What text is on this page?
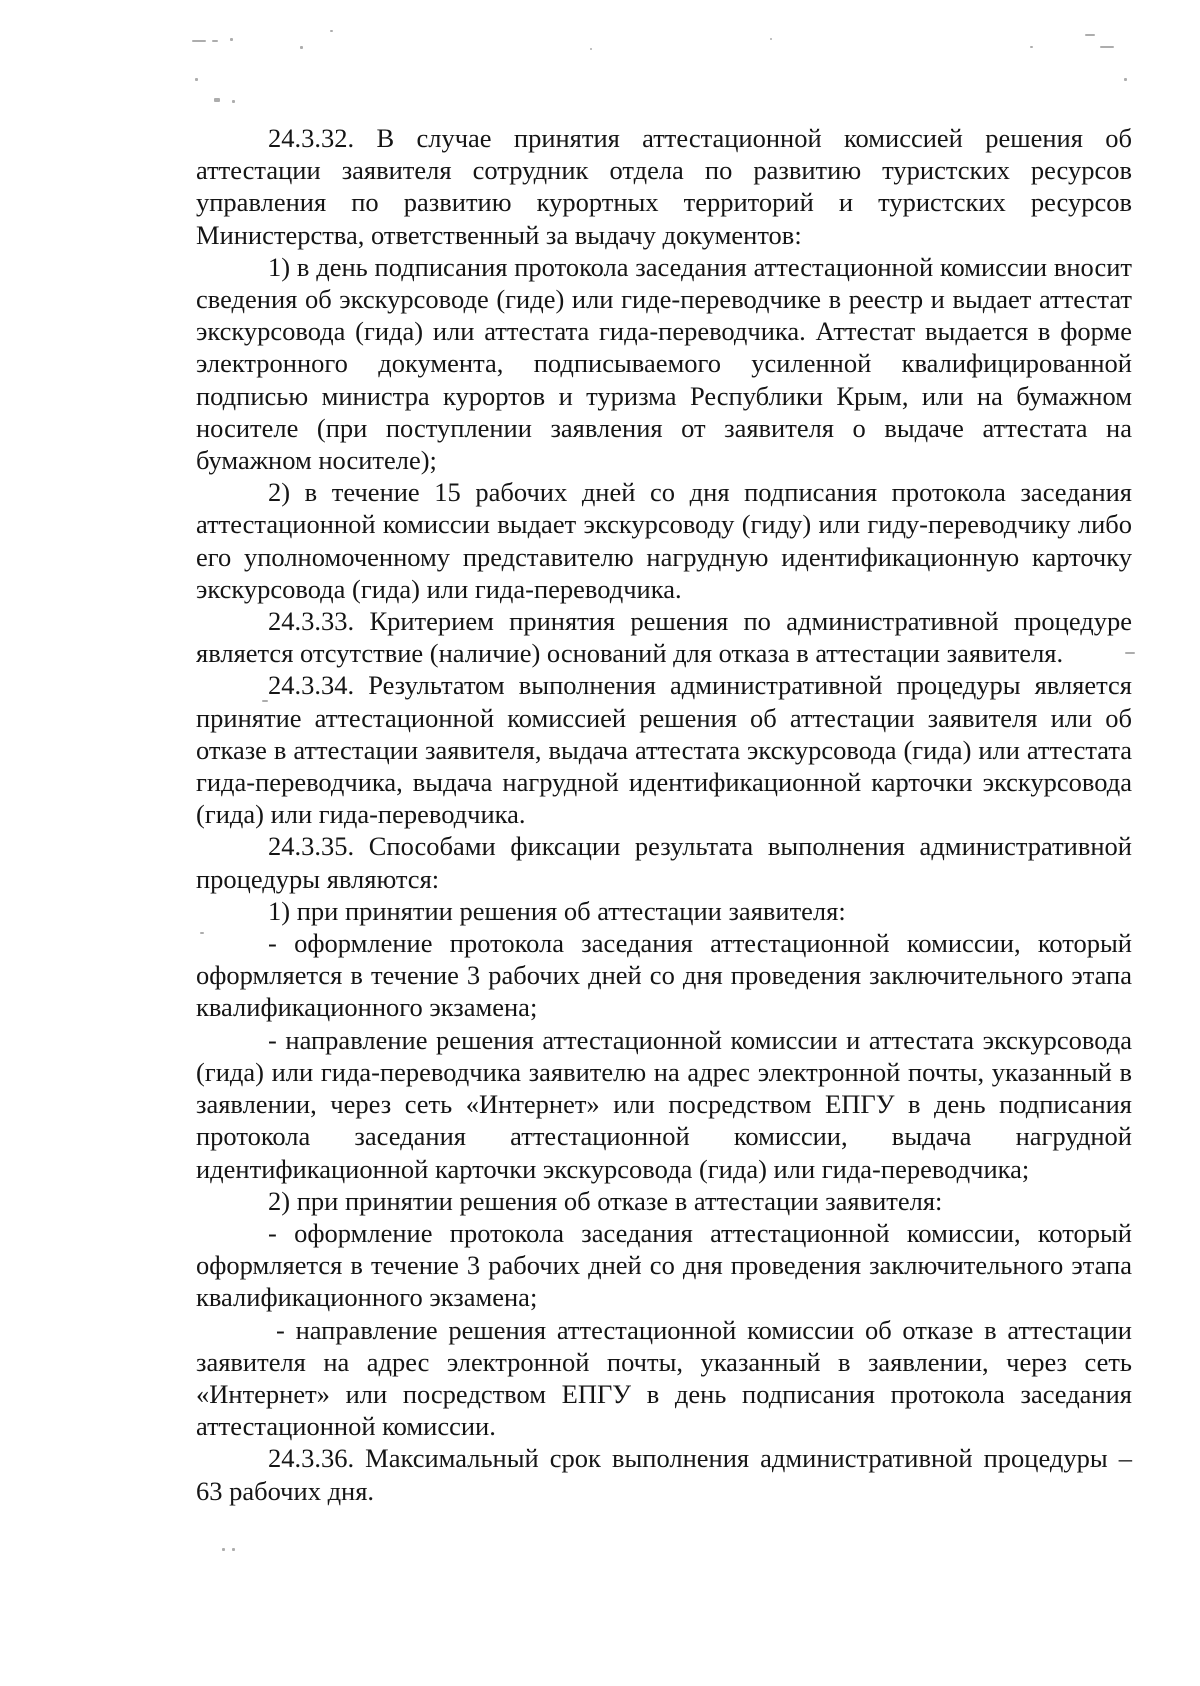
24.3.32. В случае принятия аттестационной комиссией решения об аттестации заявителя сотрудник отдела по развитию туристских ресурсов управления по развитию курортных территорий и туристских ресурсов Министерства, ответственный за выдачу документов:

1) в день подписания протокола заседания аттестационной комиссии вносит сведения об экскурсоводе (гиде) или гиде-переводчике в реестр и выдает аттестат экскурсовода (гида) или аттестата гида-переводчика. Аттестат выдается в форме электронного документа, подписываемого усиленной квалифицированной подписью министра курортов и туризма Республики Крым, или на бумажном носителе (при поступлении заявления от заявителя о выдаче аттестата на бумажном носителе);

2) в течение 15 рабочих дней со дня подписания протокола заседания аттестационной комиссии выдает экскурсоводу (гиду) или гиду-переводчику либо его уполномоченному представителю нагрудную идентификационную карточку экскурсовода (гида) или гида-переводчика.

24.3.33. Критерием принятия решения по административной процедуре является отсутствие (наличие) оснований для отказа в аттестации заявителя.

24.3.34. Результатом выполнения административной процедуры является принятие аттестационной комиссией решения об аттестации заявителя или об отказе в аттестации заявителя, выдача аттестата экскурсовода (гида) или аттестата гида-переводчика, выдача нагрудной идентификационной карточки экскурсовода (гида) или гида-переводчика.

24.3.35. Способами фиксации результата выполнения административной процедуры являются:

1) при принятии решения об аттестации заявителя:

- оформление протокола заседания аттестационной комиссии, который оформляется в течение 3 рабочих дней со дня проведения заключительного этапа квалификационного экзамена;

- направление решения аттестационной комиссии и аттестата экскурсовода (гида) или гида-переводчика заявителю на адрес электронной почты, указанный в заявлении, через сеть «Интернет» или посредством ЕПГУ в день подписания протокола заседания аттестационной комиссии, выдача нагрудной идентификационной карточки экскурсовода (гида) или гида-переводчика;

2) при принятии решения об отказе в аттестации заявителя:

- оформление протокола заседания аттестационной комиссии, который оформляется в течение 3 рабочих дней со дня проведения заключительного этапа квалификационного экзамена;

- направление решения аттестационной комиссии об отказе в аттестации заявителя на адрес электронной почты, указанный в заявлении, через сеть «Интернет» или посредством ЕПГУ в день подписания протокола заседания аттестационной комиссии.

24.3.36. Максимальный срок выполнения административной процедуры – 63 рабочих дня.
